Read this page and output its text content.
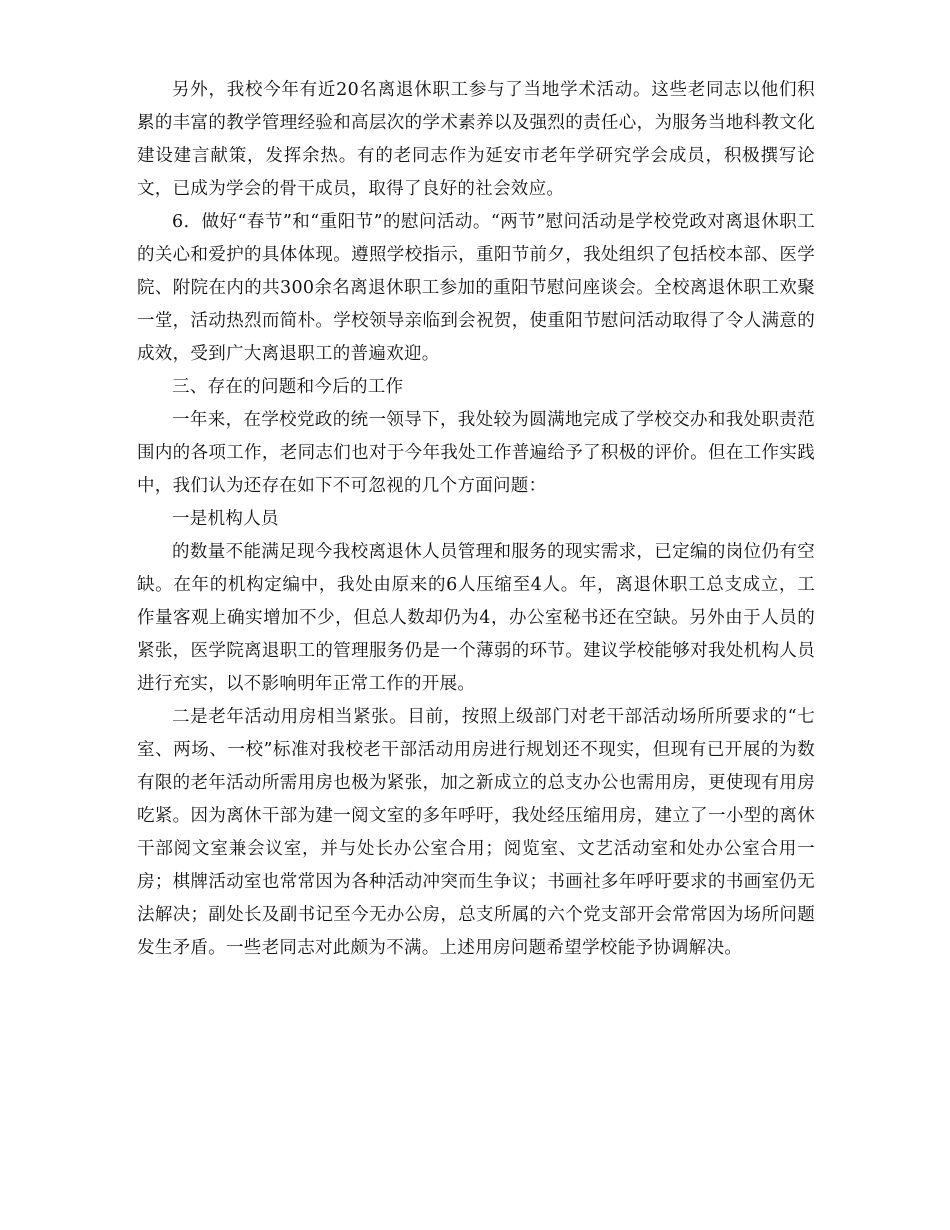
另外，我校今年有近20名离退休职工参与了当地学术活动。这些老同志以他们积累的丰富的教学管理经验和高层次的学术素养以及强烈的责任心，为服务当地科教文化建设建言献策，发挥余热。有的老同志作为延安市老年学研究学会成员，积极撰写论文，已成为学会的骨干成员，取得了良好的社会效应。

6．做好“春节”和“重阳节”的慰问活动。“两节”慰问活动是学校党政对离退休职工的关心和爱护的具体体现。遵照学校指示，重阳节前夕，我处组织了包括校本部、医学院、附院在内的共300余名离退休职工参加的重阳节慰问座谈会。全校离退休职工欢聚一堂，活动热烈而简朴。学校领导亲临到会祝贺，使重阳节慰问活动取得了令人满意的成效，受到广大离退职工的普遍欢迎。

三、存在的问题和今后的工作

一年来，在学校党政的统一领导下，我处较为圆满地完成了学校交办和我处职责范围内的各项工作，老同志们也对于今年我处工作普遍给予了积极的评价。但在工作实践中，我们认为还存在如下不可忽视的几个方面问题：

一是机构人员

的数量不能满足现今我校离退休人员管理和服务的现实需求，已定编的岗位仍有空缺。在年的机构定编中，我处由原来的6人压缩至4人。年，离退休职工总支成立，工作量客观上确实增加不少，但总人数却仍为4，办公室秘书还在空缺。另外由于人员的紧张，医学院离退职工的管理服务仍是一个薄弱的环节。建议学校能够对我处机构人员进行充实，以不影响明年正常工作的开展。

二是老年活动用房相当紧张。目前，按照上级部门对老干部活动场所所要求的“七室、两场、一校”标准对我校老干部活动用房进行规划还不现实，但现有已开展的为数有限的老年活动所需用房也极为紧张，加之新成立的总支办公也需用房，更使现有用房吃紧。因为离休干部为建一阅文室的多年呼吁，我处经压缩用房，建立了一小型的离休干部阅文室兼会议室，并与处长办公室合用；阅览室、文艺活动室和处办公室合用一房；棋牌活动室也常常因为各种活动冲突而生争议；书画社多年呼吁要求的书画室仍无法解决；副处长及副书记至今无办公房，总支所属的六个党支部开会常常因为场所问题发生矛盾。一些老同志对此颇为不满。上述用房问题希望学校能予协调解决。
